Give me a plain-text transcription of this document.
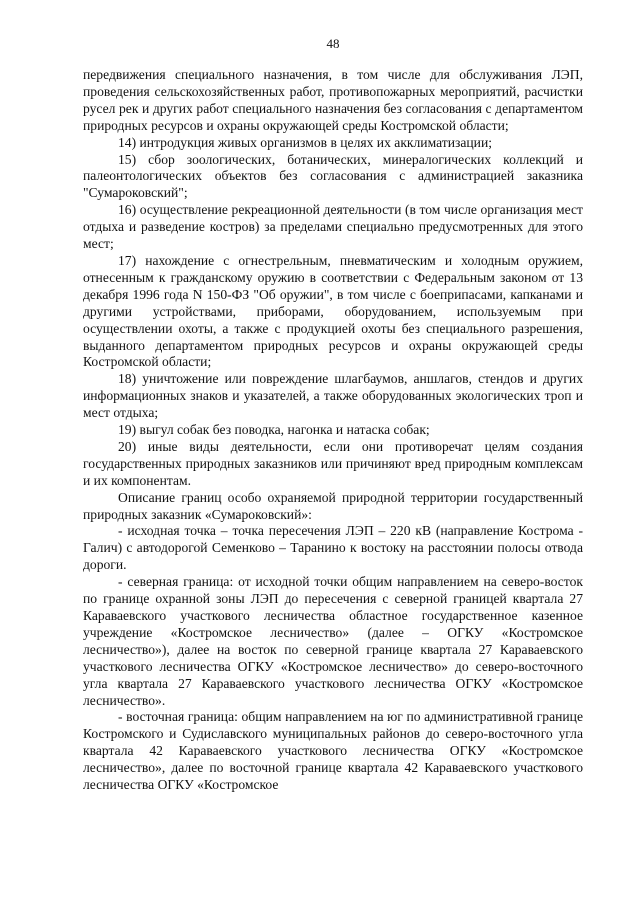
48

передвижения специального назначения, в том числе для обслуживания ЛЭП, проведения сельскохозяйственных работ, противопожарных мероприятий, расчистки русел рек и других работ специального назначения без согласования с департаментом природных ресурсов и охраны окружающей среды Костромской области;

14) интродукция живых организмов в целях их акклиматизации;

15) сбор зоологических, ботанических, минералогических коллекций и палеонтологических объектов без согласования с администрацией заказника "Сумароковский";

16) осуществление рекреационной деятельности (в том числе организация мест отдыха и разведение костров) за пределами специально предусмотренных для этого мест;

17) нахождение с огнестрельным, пневматическим и холодным оружием, отнесенным к гражданскому оружию в соответствии с Федеральным законом от 13 декабря 1996 года N 150-ФЗ "Об оружии", в том числе с боеприпасами, капканами и другими устройствами, приборами, оборудованием, используемым при осуществлении охоты, а также с продукцией охоты без специального разрешения, выданного департаментом природных ресурсов и охраны окружающей среды Костромской области;

18) уничтожение или повреждение шлагбаумов, аншлагов, стендов и других информационных знаков и указателей, а также оборудованных экологических троп и мест отдыха;

19) выгул собак без поводка, нагонка и натаска собак;

20) иные виды деятельности, если они противоречат целям создания государственных природных заказников или причиняют вред природным комплексам и их компонентам.

Описание границ особо охраняемой природной территории государственный природных заказник «Сумароковский»:

- исходная точка – точка пересечения ЛЭП – 220 кВ (направление Кострома - Галич) с автодорогой Семенково – Таранино к востоку на расстоянии полосы отвода дороги.

- северная граница: от исходной точки общим направлением на северо-восток по границе охранной зоны ЛЭП до пересечения с северной границей квартала 27 Караваевского участкового лесничества областное государственное казенное учреждение «Костромское лесничество» (далее – ОГКУ «Костромское лесничество»), далее на восток по северной границе квартала 27 Караваевского участкового лесничества ОГКУ «Костромское лесничество» до северо-восточного угла квартала 27 Караваевского участкового лесничества ОГКУ «Костромское лесничество».

- восточная граница: общим направлением на юг по административной границе Костромского и Судиславского муниципальных районов до северо-восточного угла квартала 42 Караваевского участкового лесничества ОГКУ «Костромское лесничество», далее по восточной границе квартала 42 Караваевского участкового лесничества ОГКУ «Костромское
